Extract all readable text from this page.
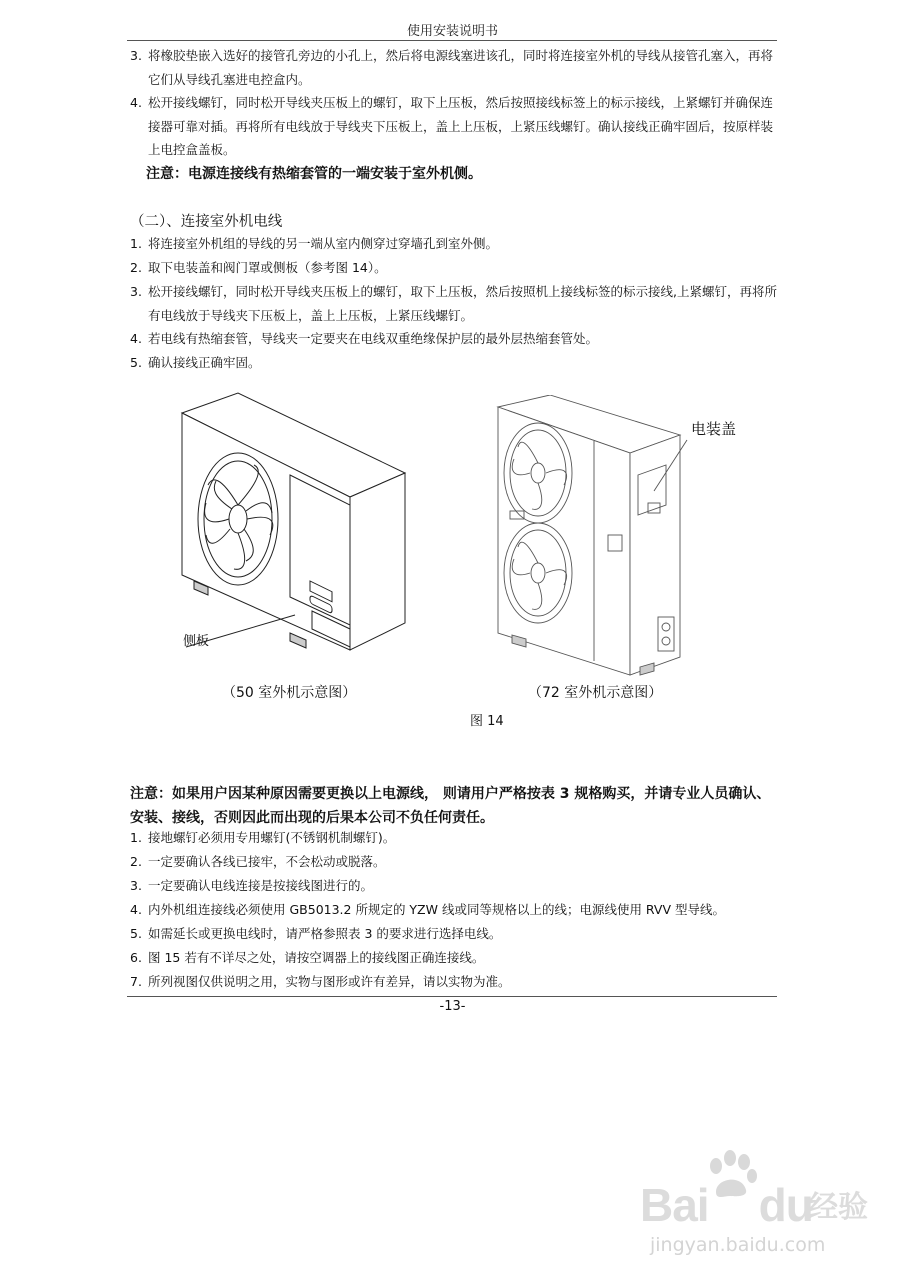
使用安装说明书
3. 将橡胶垫嵌入选好的接管孔旁边的小孔上，然后将电源线塞进该孔，同时将连接室外机的导线从接管孔塞入，再将它们从导线孔塞进电控盒内。
4. 松开接线螺钉，同时松开导线夹压板上的螺钉，取下上压板，然后按照接线标签上的标示接线，上紧螺钉并确保连接器可靠对插。再将所有电线放于导线夹下压板上，盖上上压板，上紧压线螺钉。确认接线正确牢固后，按原样装上电控盒盖板。
注意：电源连接线有热缩套管的一端安装于室外机侧。
（二）、连接室外机电线
1. 将连接室外机组的导线的另一端从室内侧穿过穿墙孔到室外侧。
2. 取下电装盖和阀门罩或侧板（参考图 14）。
3. 松开接线螺钉，同时松开导线夹压板上的螺钉，取下上压板，然后按照机上接线标签的标示接线,上紧螺钉，再将所有电线放于导线夹下压板上，盖上上压板，上紧压线螺钉。
4. 若电线有热缩套管，导线夹一定要夹在电线双重绝缘保护层的最外层热缩套管处。
5. 确认接线正确牢固。
侧板
电装盖
（50 室外机示意图）	（72 室外机示意图）
图 14
注意：如果用户因某种原因需要更换以上电源线， 则请用户严格按表 3 规格购买，并请专业人员确认、安装、接线，否则因此而出现的后果本公司不负任何责任。
1. 接地螺钉必须用专用螺钉(不锈钢机制螺钉)。
2. 一定要确认各线已接牢，不会松动或脱落。
3. 一定要确认电线连接是按接线图进行的。
4. 内外机组连接线必须使用 GB5013.2 所规定的 YZW 线或同等规格以上的线；电源线使用 RVV 型导线。
5. 如需延长或更换电线时，请严格参照表 3 的要求进行选择电线。
6. 图 15 若有不详尽之处，请按空调器上的接线图正确连接线。
7. 所列视图仅供说明之用，实物与图形或许有差异，请以实物为准。
-13-
Bai du
经验
jingyan.baidu.com
